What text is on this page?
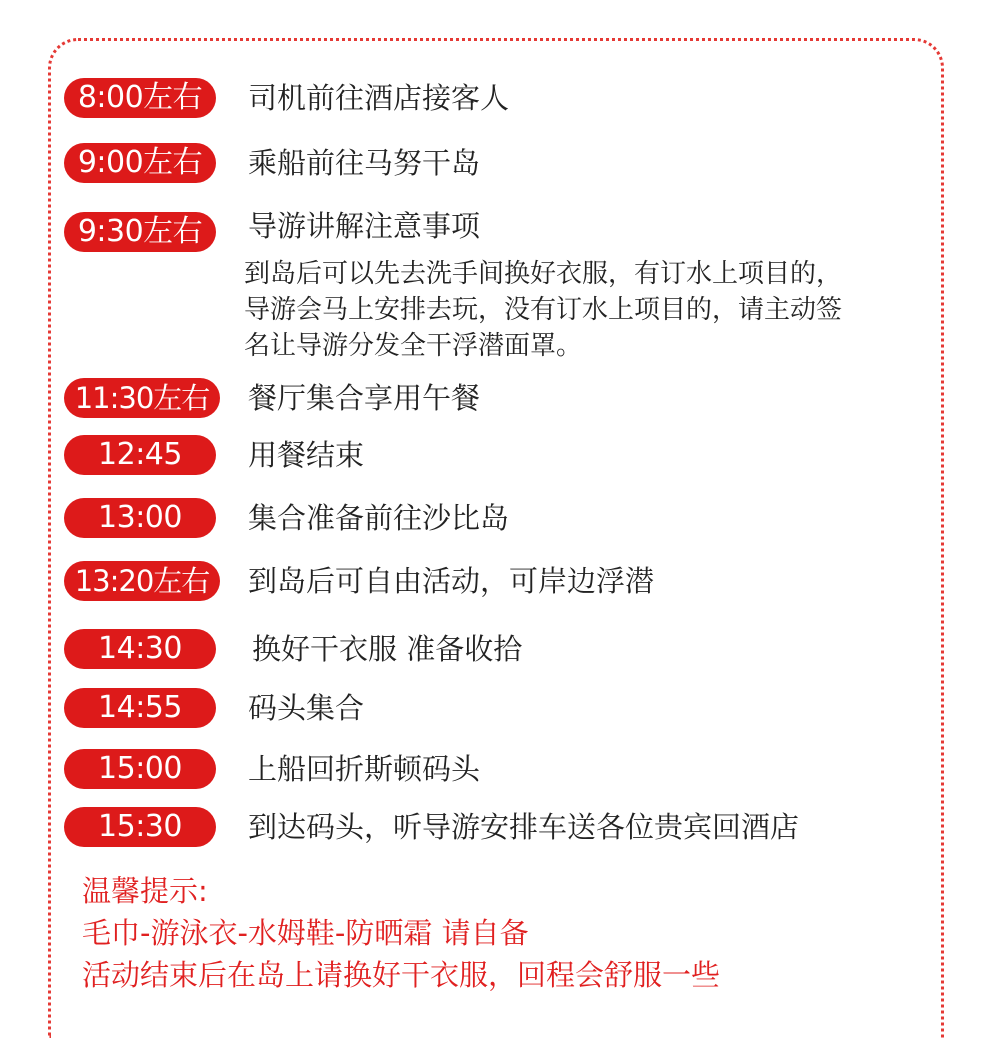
8:00左右	司机前往酒店接客人
9:00左右	乘船前往马努干岛
9:30左右	导游讲解注意事项

到岛后可以先去洗手间换好衣服，有订水上项目的，

导游会马上安排去玩，没有订水上项目的，请主动签

名让导游分发全干浮潜面罩。

11:30左右	餐厅集合享用午餐
12:45	用餐结束
13:00	集合准备前往沙比岛
13:20左右	到岛后可自由活动，可岸边浮潜
14:30	换好干衣服 准备收拾
14:55	码头集合
15:00	上船回折斯顿码头
15:30	到达码头，听导游安排车送各位贵宾回酒店

温馨提示:

毛巾-游泳衣-水姆鞋-防晒霜 请自备

活动结束后在岛上请换好干衣服，回程会舒服一些
